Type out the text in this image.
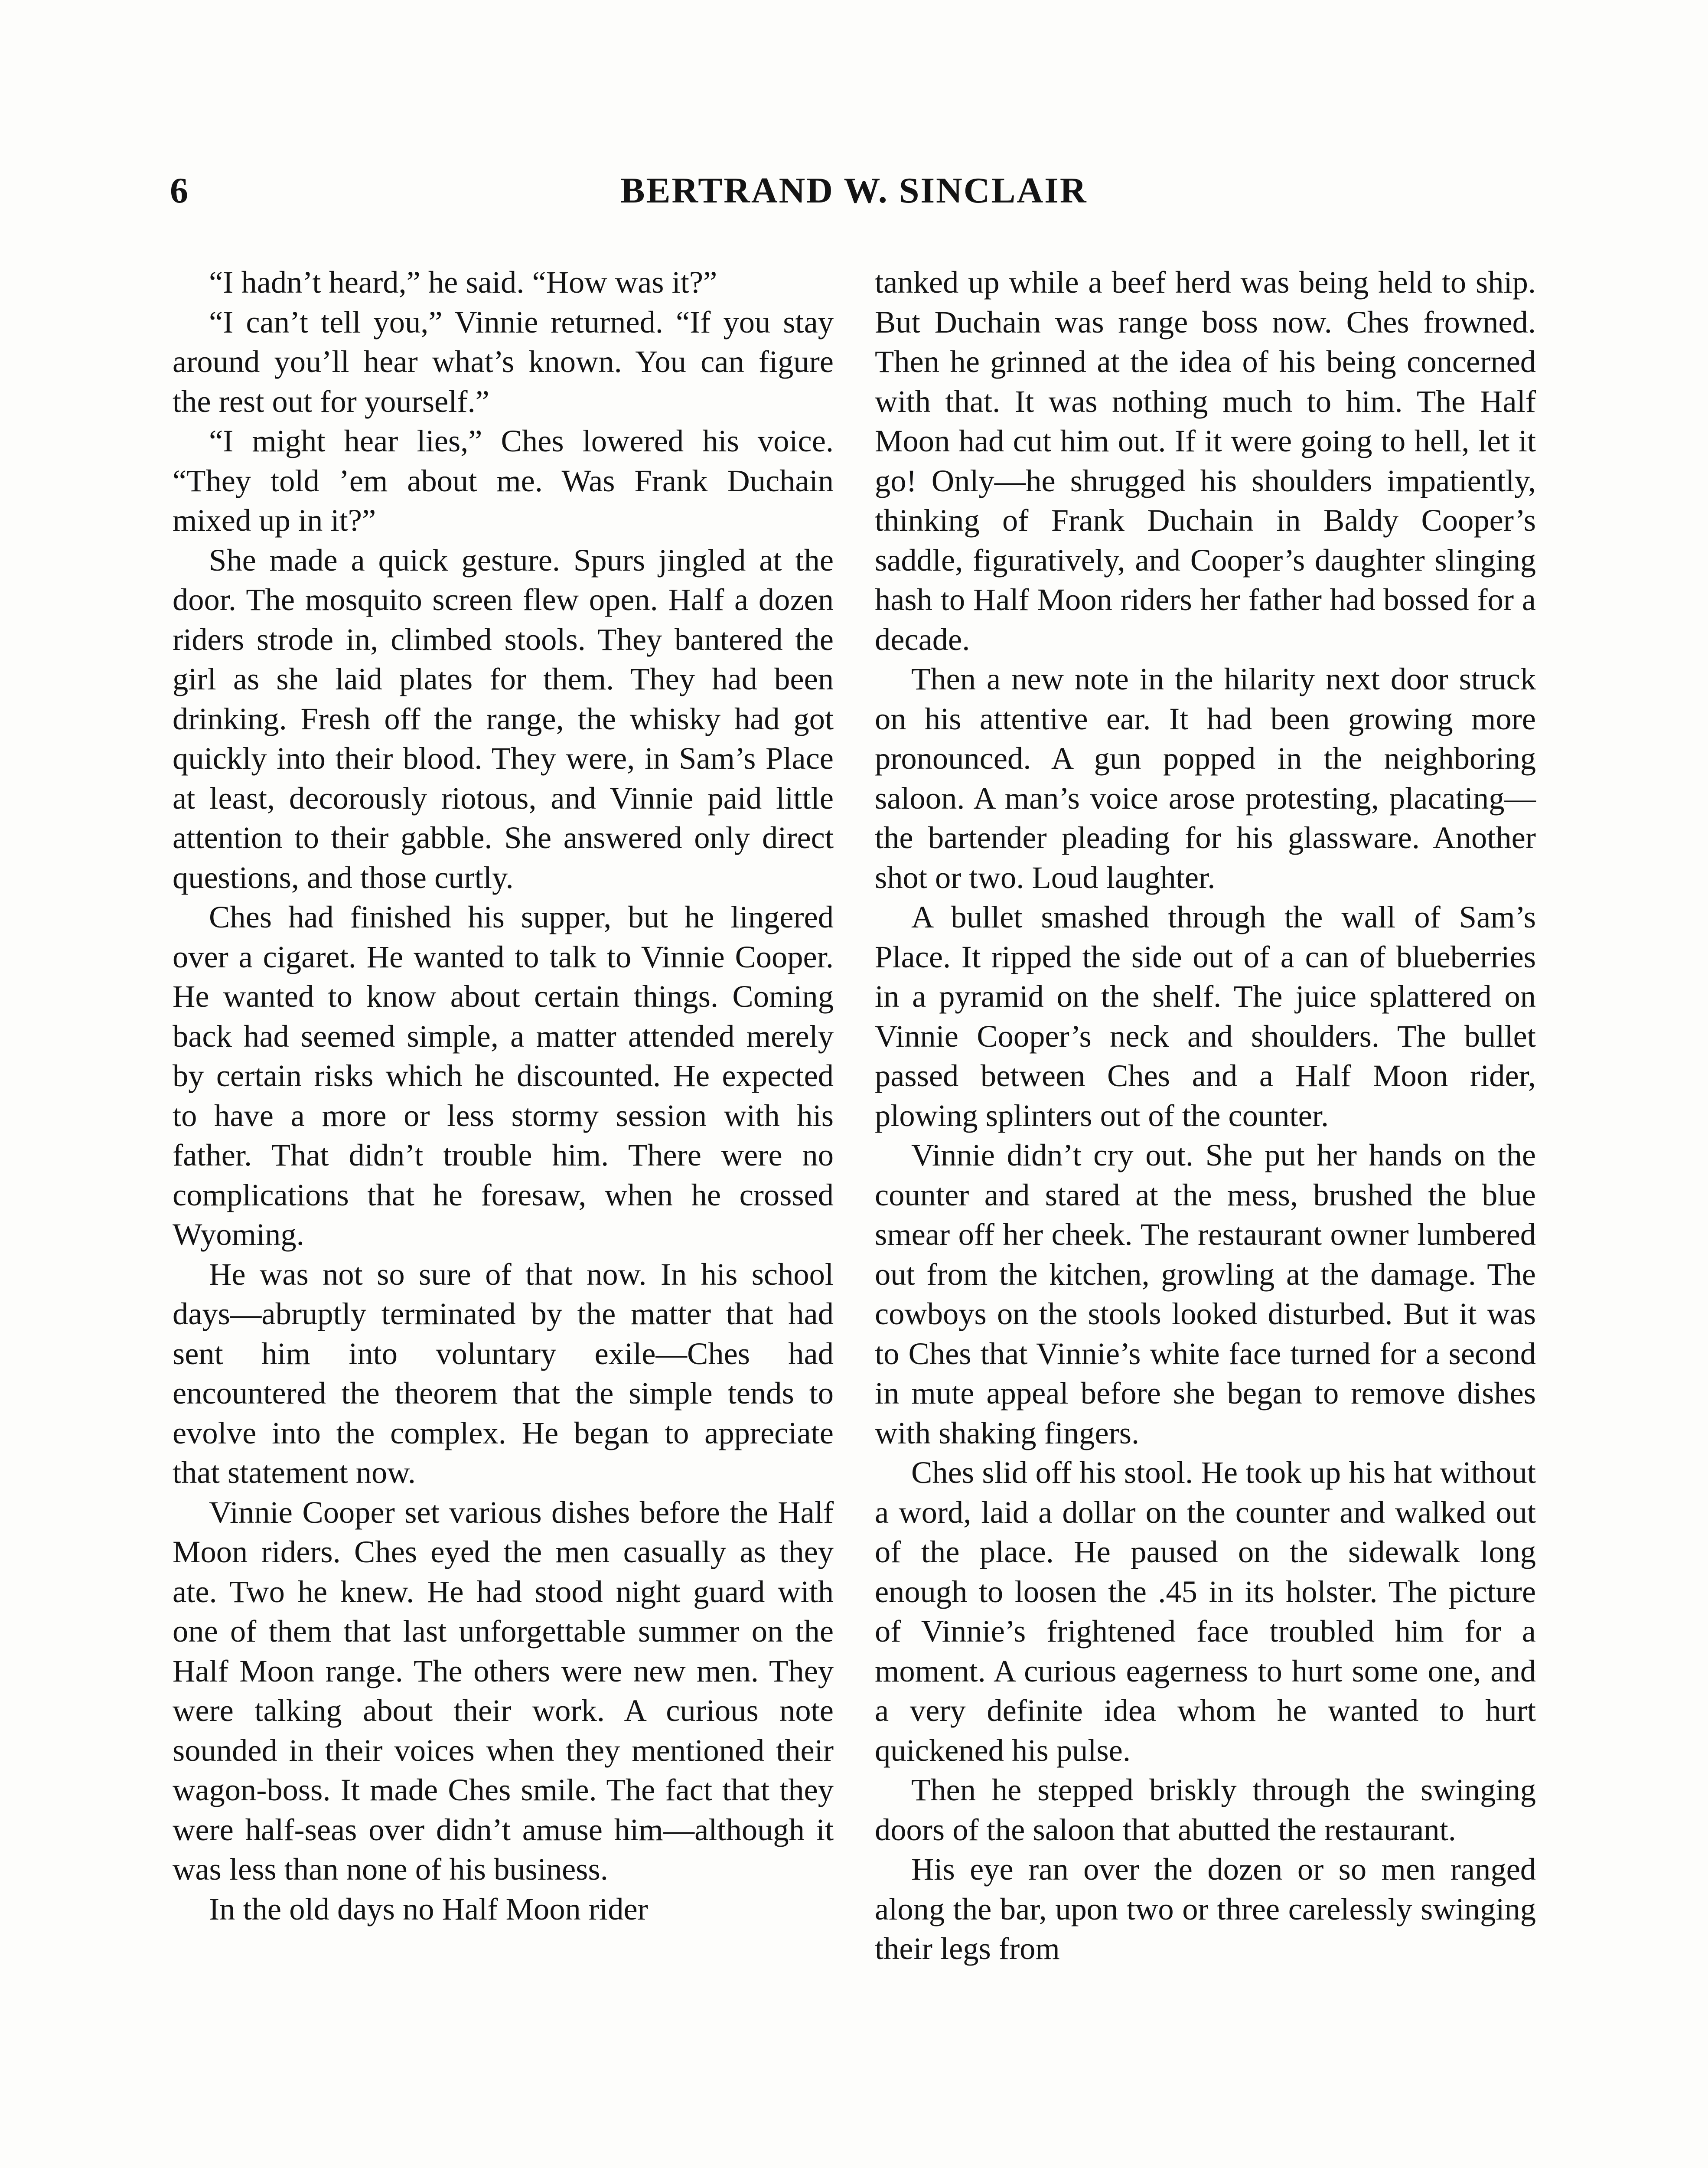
6	BERTRAND W. SINCLAIR

“I hadn’t heard,” he said. “How was it?”

“I can’t tell you,” Vinnie returned. “If you stay around you’ll hear what’s known. You can figure the rest out for yourself.”

“I might hear lies,” Ches lowered his voice. “They told ’em about me. Was Frank Duchain mixed up in it?”

She made a quick gesture. Spurs jingled at the door. The mosquito screen flew open. Half a dozen riders strode in, climbed stools. They bantered the girl as she laid plates for them. They had been drinking. Fresh off the range, the whisky had got quickly into their blood. They were, in Sam’s Place at least, decorously riotous, and Vinnie paid little attention to their gabble. She answered only direct questions, and those curtly.

Ches had finished his supper, but he lingered over a cigaret. He wanted to talk to Vinnie Cooper. He wanted to know about certain things. Coming back had seemed simple, a matter attended merely by certain risks which he discounted. He expected to have a more or less stormy session with his father. That didn’t trouble him. There were no complications that he foresaw, when he crossed Wyoming.

He was not so sure of that now. In his school days—abruptly terminated by the matter that had sent him into voluntary exile—Ches had encountered the theorem that the simple tends to evolve into the complex. He began to appreciate that statement now.

Vinnie Cooper set various dishes before the Half Moon riders. Ches eyed the men casually as they ate. Two he knew. He had stood night guard with one of them that last unforgettable summer on the Half Moon range. The others were new men. They were talking about their work. A curious note sounded in their voices when they mentioned their wagon-boss. It made Ches smile. The fact that they were half-seas over didn’t amuse him—although it was less than none of his business.

In the old days no Half Moon rider

tanked up while a beef herd was being held to ship. But Duchain was range boss now. Ches frowned. Then he grinned at the idea of his being concerned with that. It was nothing much to him. The Half Moon had cut him out. If it were going to hell, let it go! Only—he shrugged his shoulders impatiently, thinking of Frank Duchain in Baldy Cooper’s saddle, figuratively, and Cooper’s daughter slinging hash to Half Moon riders her father had bossed for a decade.

Then a new note in the hilarity next door struck on his attentive ear. It had been growing more pronounced. A gun popped in the neighboring saloon. A man’s voice arose protesting, placating—the bartender pleading for his glassware. Another shot or two. Loud laughter.

A bullet smashed through the wall of Sam’s Place. It ripped the side out of a can of blueberries in a pyramid on the shelf. The juice splattered on Vinnie Cooper’s neck and shoulders. The bullet passed between Ches and a Half Moon rider, plowing splinters out of the counter.

Vinnie didn’t cry out. She put her hands on the counter and stared at the mess, brushed the blue smear off her cheek. The restaurant owner lumbered out from the kitchen, growling at the damage. The cowboys on the stools looked disturbed. But it was to Ches that Vinnie’s white face turned for a second in mute appeal before she began to remove dishes with shaking fingers.

Ches slid off his stool. He took up his hat without a word, laid a dollar on the counter and walked out of the place. He paused on the sidewalk long enough to loosen the .45 in its holster. The picture of Vinnie’s frightened face troubled him for a moment. A curious eagerness to hurt some one, and a very definite idea whom he wanted to hurt quickened his pulse.

Then he stepped briskly through the swinging doors of the saloon that abutted the restaurant.

His eye ran over the dozen or so men ranged along the bar, upon two or three carelessly swinging their legs from
